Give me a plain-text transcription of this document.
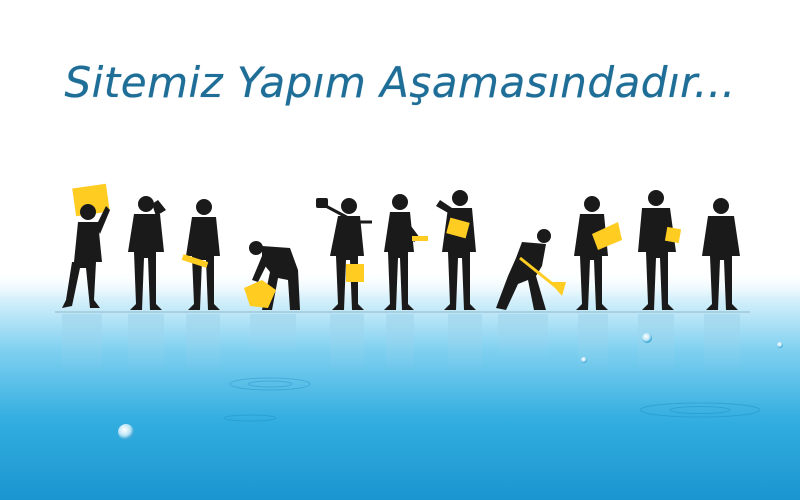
Sitemiz Yapım Aşamasındadır...
